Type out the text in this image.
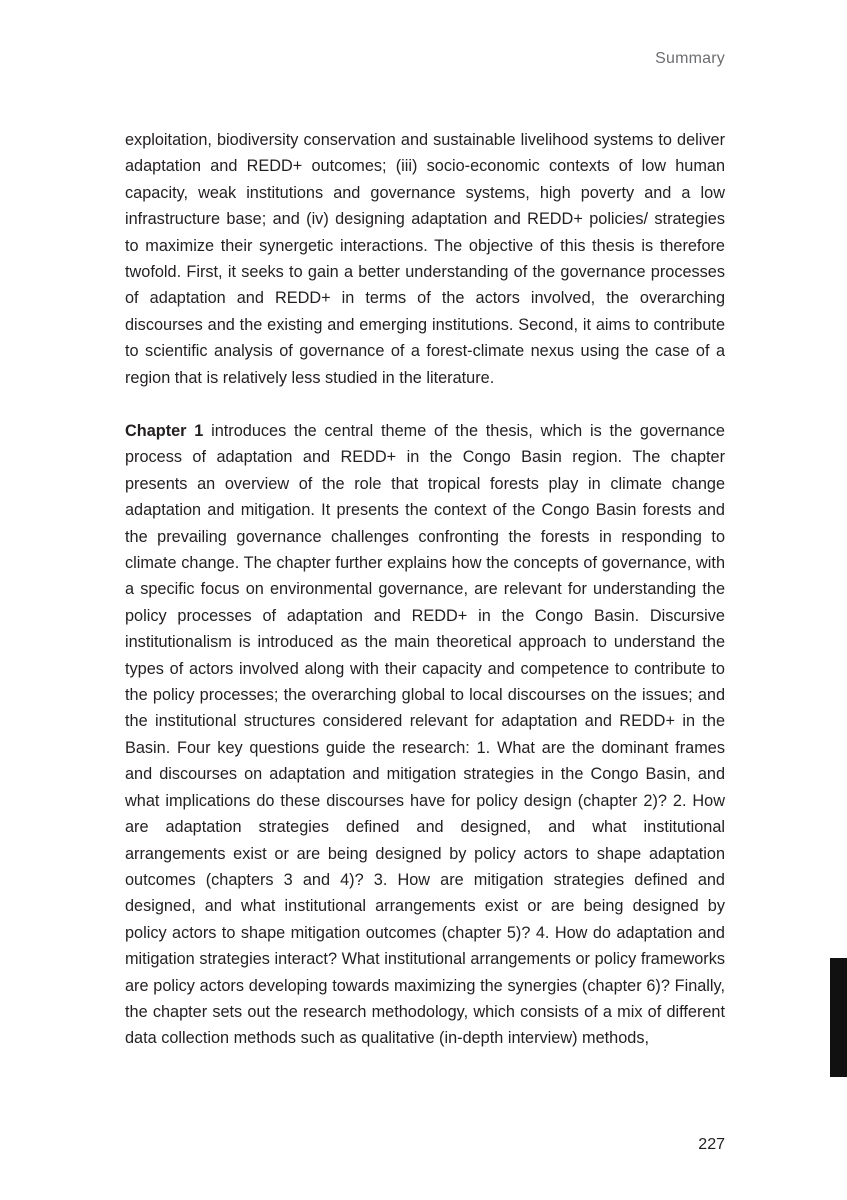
Summary
exploitation, biodiversity conservation and sustainable livelihood systems to deliver adaptation and REDD+ outcomes; (iii) socio-economic contexts of low human capacity, weak institutions and governance systems, high poverty and a low infrastructure base; and (iv) designing adaptation and REDD+ policies/ strategies to maximize their synergetic interactions. The objective of this thesis is therefore twofold. First, it seeks to gain a better understanding of the governance processes of adaptation and REDD+ in terms of the actors involved, the overarching discourses and the existing and emerging institutions. Second, it aims to contribute to scientific analysis of governance of a forest-climate nexus using the case of a region that is relatively less studied in the literature.
Chapter 1 introduces the central theme of the thesis, which is the governance process of adaptation and REDD+ in the Congo Basin region. The chapter presents an overview of the role that tropical forests play in climate change adaptation and mitigation. It presents the context of the Congo Basin forests and the prevailing governance challenges confronting the forests in responding to climate change. The chapter further explains how the concepts of governance, with a specific focus on environmental governance, are relevant for understanding the policy processes of adaptation and REDD+ in the Congo Basin. Discursive institutionalism is introduced as the main theoretical approach to understand the types of actors involved along with their capacity and competence to contribute to the policy processes; the overarching global to local discourses on the issues; and the institutional structures considered relevant for adaptation and REDD+ in the Basin. Four key questions guide the research: 1. What are the dominant frames and discourses on adaptation and mitigation strategies in the Congo Basin, and what implications do these discourses have for policy design (chapter 2)? 2. How are adaptation strategies defined and designed, and what institutional arrangements exist or are being designed by policy actors to shape adaptation outcomes (chapters 3 and 4)? 3. How are mitigation strategies defined and designed, and what institutional arrangements exist or are being designed by policy actors to shape mitigation outcomes (chapter 5)? 4. How do adaptation and mitigation strategies interact? What institutional arrangements or policy frameworks are policy actors developing towards maximizing the synergies (chapter 6)? Finally, the chapter sets out the research methodology, which consists of a mix of different data collection methods such as qualitative (in-depth interview) methods,
227
